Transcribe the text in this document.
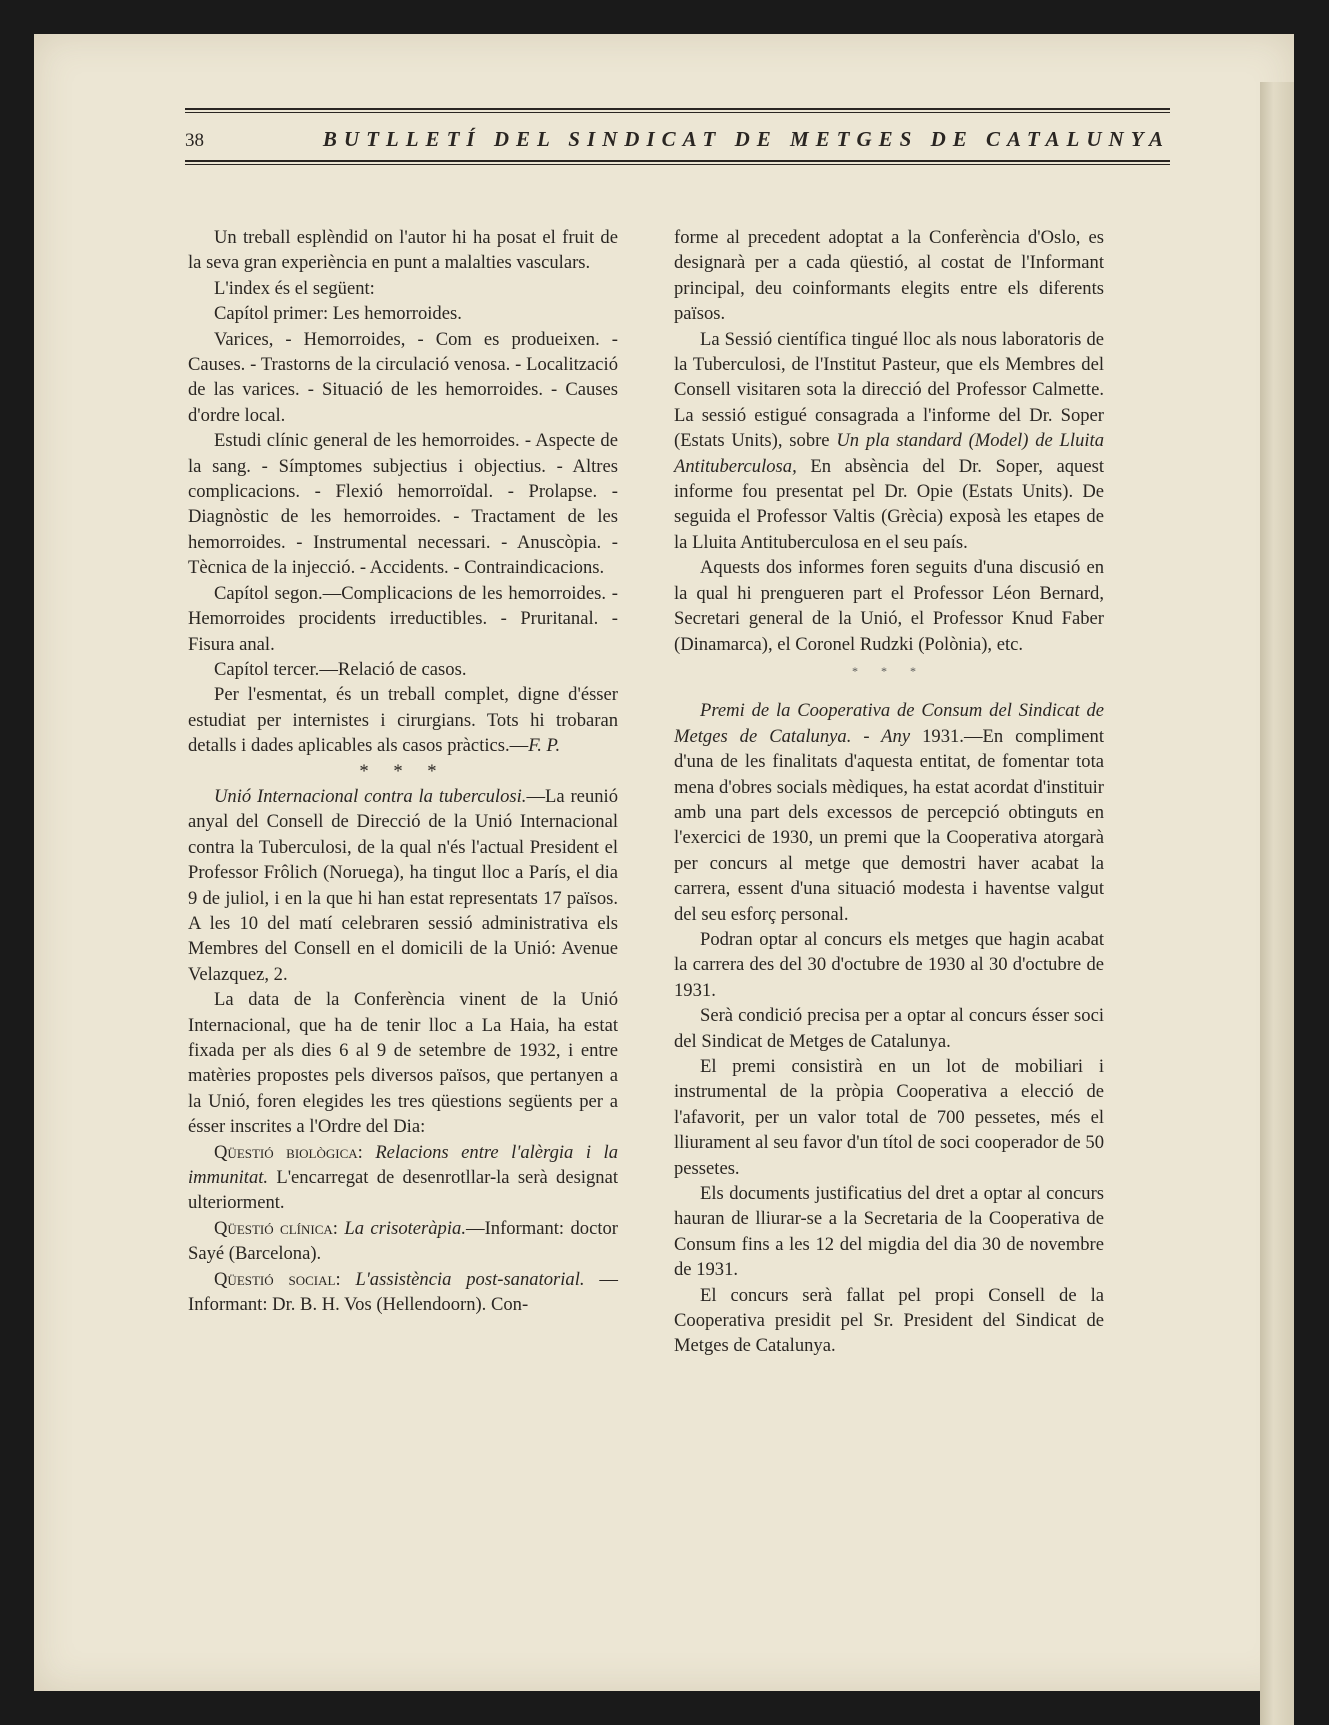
38	BUTLLETÍ DEL SINDICAT DE METGES DE CATALUNYA

Un treball esplèndid on l'autor hi ha posat el fruit de la seva gran experiència en punt a malalties vasculars.

L'index és el següent:

Capítol primer: Les hemorroides.

Varices, - Hemorroides, - Com es produeixen. - Causes. - Trastorns de la circulació venosa. - Localització de las varices. - Situació de les hemorroides. - Causes d'ordre local.

Estudi clínic general de les hemorroides. - Aspecte de la sang. - Símptomes subjectius i objectius. - Altres complicacions. - Flexió hemorroïdal. - Prolapse. - Diagnòstic de les hemorroides. - Tractament de les hemorroides. - Instrumental necessari. - Anuscòpia. - Tècnica de la injecció. - Accidents. - Contraindicacions.

Capítol segon.—Complicacions de les hemorroides. - Hemorroides procidents irreductibles. - Pruritanal. - Fisura anal.

Capítol tercer.—Relació de casos.

Per l'esmentat, és un treball complet, digne d'ésser estudiat per internistes i cirurgians. Tots hi trobaran detalls i dades aplicables als casos pràctics.—F. P.

* * *

Unió Internacional contra la tuberculosi.—La reunió anyal del Consell de Direcció de la Unió Internacional contra la Tuberculosi, de la qual n'és l'actual President el Professor Frôlich (Noruega), ha tingut lloc a París, el dia 9 de juliol, i en la que hi han estat representats 17 països. A les 10 del matí celebraren sessió administrativa els Membres del Consell en el domicili de la Unió: Avenue Velazquez, 2.

La data de la Conferència vinent de la Unió Internacional, que ha de tenir lloc a La Haia, ha estat fixada per als dies 6 al 9 de setembre de 1932, i entre matèries propostes pels diversos països, que pertanyen a la Unió, foren elegides les tres qüestions següents per a ésser inscrites a l'Ordre del Dia:

Qüestió biològica: Relacions entre l'alèrgia i la immunitat. L'encarregat de desenrotllar-la serà designat ulteriorment.

Qüestió clínica: La crisoteràpia.—Informant: doctor Sayé (Barcelona).

Qüestió social: L'assistència post-sanatorial. —Informant: Dr. B. H. Vos (Hellendoorn). Con-

forme al precedent adoptat a la Conferència d'Oslo, es designarà per a cada qüestió, al costat de l'Informant principal, deu coinformants elegits entre els diferents països.

La Sessió científica tingué lloc als nous laboratoris de la Tuberculosi, de l'Institut Pasteur, que els Membres del Consell visitaren sota la direcció del Professor Calmette. La sessió estigué consagrada a l'informe del Dr. Soper (Estats Units), sobre Un pla standard (Model) de Lluita Antituberculosa, En absència del Dr. Soper, aquest informe fou presentat pel Dr. Opie (Estats Units). De seguida el Professor Valtis (Grècia) exposà les etapes de la Lluita Antituberculosa en el seu país.

Aquests dos informes foren seguits d'una discusió en la qual hi prengueren part el Professor Léon Bernard, Secretari general de la Unió, el Professor Knud Faber (Dinamarca), el Coronel Rudzki (Polònia), etc.

* * *

Premi de la Cooperativa de Consum del Sindicat de Metges de Catalunya. - Any 1931.—En compliment d'una de les finalitats d'aquesta entitat, de fomentar tota mena d'obres socials mèdiques, ha estat acordat d'instituir amb una part dels excessos de percepció obtinguts en l'exercici de 1930, un premi que la Cooperativa atorgarà per concurs al metge que demostri haver acabat la carrera, essent d'una situació modesta i haventse valgut del seu esforç personal.

Podran optar al concurs els metges que hagin acabat la carrera des del 30 d'octubre de 1930 al 30 d'octubre de 1931.

Serà condició precisa per a optar al concurs ésser soci del Sindicat de Metges de Catalunya.

El premi consistirà en un lot de mobiliari i instrumental de la pròpia Cooperativa a elecció de l'afavorit, per un valor total de 700 pessetes, més el lliurament al seu favor d'un títol de soci cooperador de 50 pessetes.

Els documents justificatius del dret a optar al concurs hauran de lliurar-se a la Secretaria de la Cooperativa de Consum fins a les 12 del migdia del dia 30 de novembre de 1931.

El concurs serà fallat pel propi Consell de la Cooperativa presidit pel Sr. President del Sindicat de Metges de Catalunya.
